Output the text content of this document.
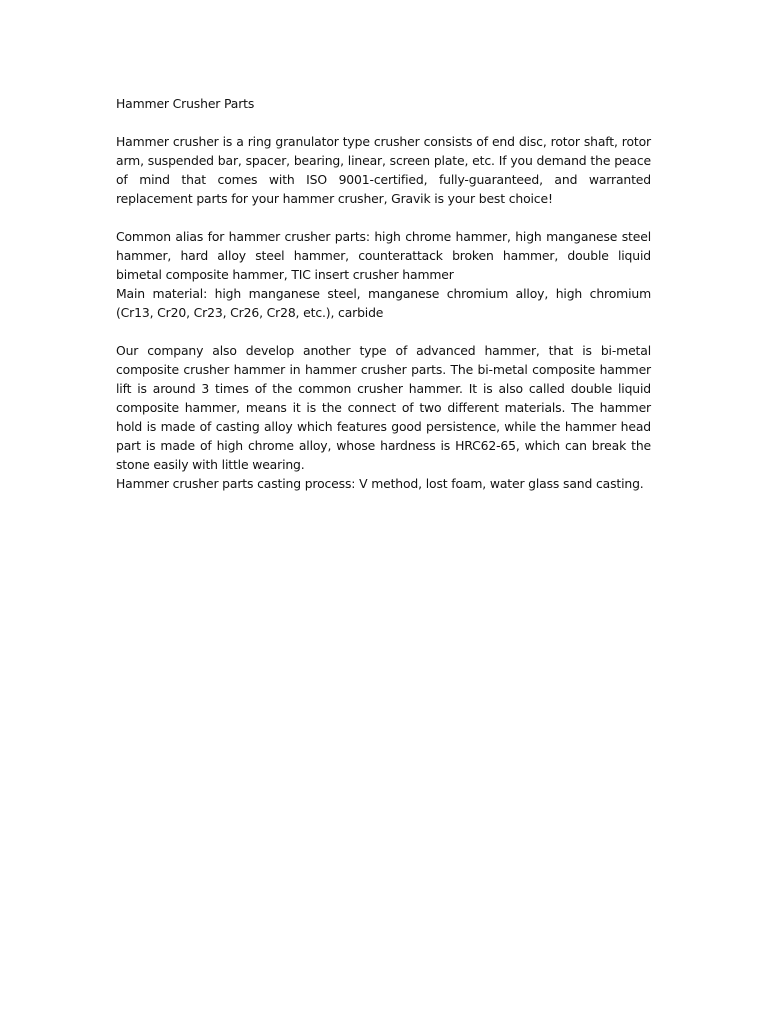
Hammer Crusher Parts

Hammer crusher is a ring granulator type crusher consists of end disc, rotor shaft, rotor arm, suspended bar, spacer, bearing, linear, screen plate, etc. If you demand the peace of mind that comes with ISO 9001-certified, fully-guaranteed, and warranted replacement parts for your hammer crusher, Gravik is your best choice!

Common alias for hammer crusher parts: high chrome hammer, high manganese steel hammer, hard alloy steel hammer, counterattack broken hammer, double liquid bimetal composite hammer, TIC insert crusher hammer

Main material: high manganese steel, manganese chromium alloy, high chromium (Cr13, Cr20, Cr23, Cr26, Cr28, etc.), carbide

Our company also develop another type of advanced hammer, that is bi-metal composite crusher hammer in hammer crusher parts. The bi-metal composite hammer lift is around 3 times of the common crusher hammer. It is also called double liquid composite hammer, means it is the connect of two different materials. The hammer hold is made of casting alloy which features good persistence, while the hammer head part is made of high chrome alloy, whose hardness is HRC62-65, which can break the stone easily with little wearing.

Hammer crusher parts casting process: V method, lost foam, water glass sand casting.
